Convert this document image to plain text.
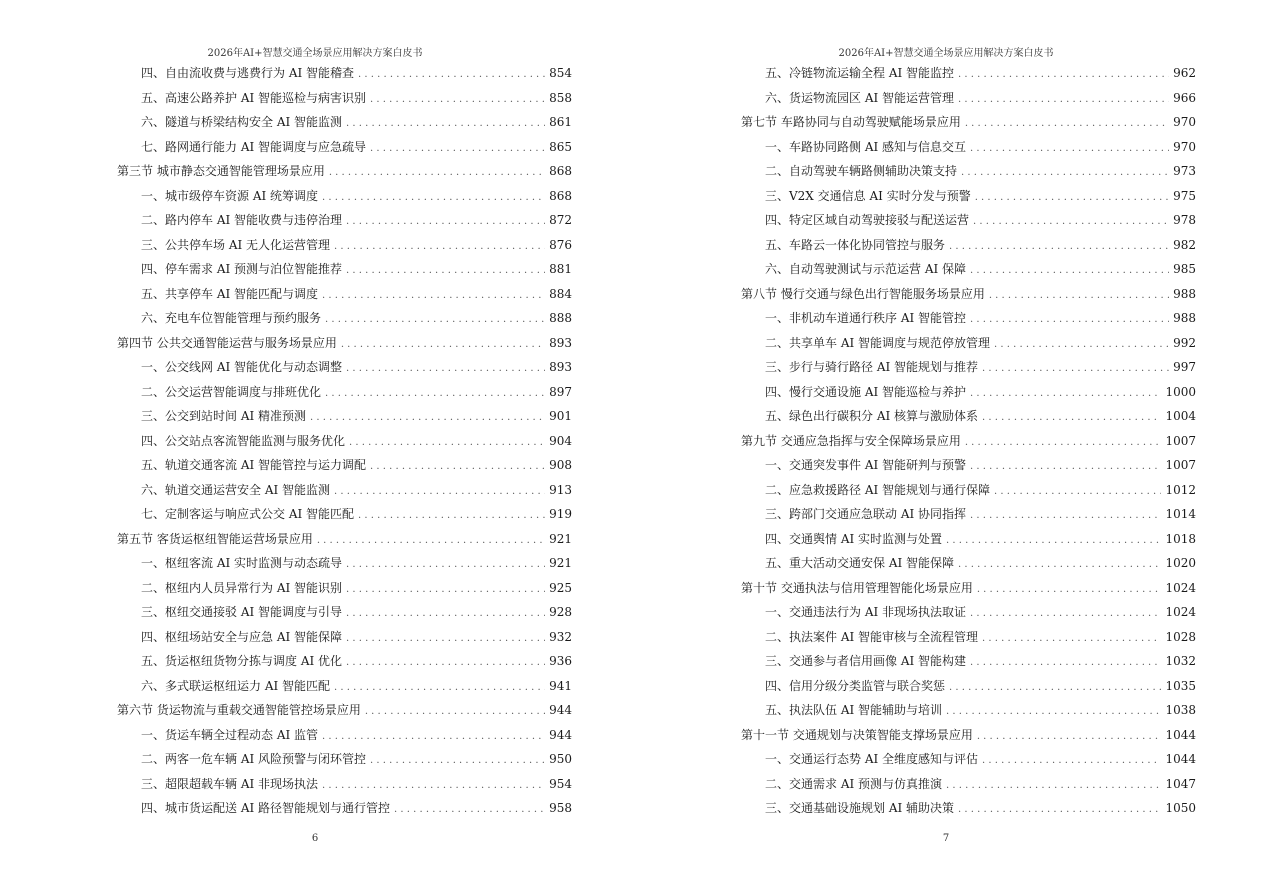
2026年AI+智慧交通全场景应用解决方案白皮书
四、自由流收费与逃费行为 AI 智能稽查 . . .	854
五、高速公路养护 AI 智能巡检与病害识别 . . .	858
六、隧道与桥梁结构安全 AI 智能监测 . . .	861
七、路网通行能力 AI 智能调度与应急疏导 . . .	865
第三节 城市静态交通智能管理场景应用 . . .	868
一、城市级停车资源 AI 统筹调度 . . .	868
二、路内停车 AI 智能收费与违停治理 . . .	872
三、公共停车场 AI 无人化运营管理 . . .	876
四、停车需求 AI 预测与泊位智能推荐 . . .	881
五、共享停车 AI 智能匹配与调度 . . .	884
六、充电车位智能管理与预约服务 . . .	888
第四节 公共交通智能运营与服务场景应用 . . .	893
一、公交线网 AI 智能优化与动态调整 . . .	893
二、公交运营智能调度与排班优化 . . .	897
三、公交到站时间 AI 精准预测 . . .	901
四、公交站点客流智能监测与服务优化 . . .	904
五、轨道交通客流 AI 智能管控与运力调配 . . .	908
六、轨道交通运营安全 AI 智能监测 . . .	913
七、定制客运与响应式公交 AI 智能匹配 . . .	919
第五节 客货运枢纽智能运营场景应用 . . .	921
一、枢纽客流 AI 实时监测与动态疏导 . . .	921
二、枢纽内人员异常行为 AI 智能识别 . . .	925
三、枢纽交通接驳 AI 智能调度与引导 . . .	928
四、枢纽场站安全与应急 AI 智能保障 . . .	932
五、货运枢纽货物分拣与调度 AI 优化 . . .	936
六、多式联运枢纽运力 AI 智能匹配 . . .	941
第六节 货运物流与重载交通智能管控场景应用 . . .	944
一、货运车辆全过程动态 AI 监管 . . .	944
二、两客一危车辆 AI 风险预警与闭环管控 . . .	950
三、超限超载车辆 AI 非现场执法 . . .	954
四、城市货运配送 AI 路径智能规划与通行管控 . . .	958
6
2026年AI+智慧交通全场景应用解决方案白皮书
五、冷链物流运输全程 AI 智能监控 . . .	962
六、货运物流园区 AI 智能运营管理 . . .	966
第七节 车路协同与自动驾驶赋能场景应用 . . .	970
一、车路协同路侧 AI 感知与信息交互 . . .	970
二、自动驾驶车辆路侧辅助决策支持 . . .	973
三、V2X 交通信息 AI 实时分发与预警 . . .	975
四、特定区域自动驾驶接驳与配送运营 . . .	978
五、车路云一体化协同管控与服务 . . .	982
六、自动驾驶测试与示范运营 AI 保障 . . .	985
第八节 慢行交通与绿色出行智能服务场景应用 . . .	988
一、非机动车道通行秩序 AI 智能管控 . . .	988
二、共享单车 AI 智能调度与规范停放管理 . . .	992
三、步行与骑行路径 AI 智能规划与推荐 . . .	997
四、慢行交通设施 AI 智能巡检与养护 . . .	1000
五、绿色出行碳积分 AI 核算与激励体系 . . .	1004
第九节 交通应急指挥与安全保障场景应用 . . .	1007
一、交通突发事件 AI 智能研判与预警 . . .	1007
二、应急救援路径 AI 智能规划与通行保障 . . .	1012
三、跨部门交通应急联动 AI 协同指挥 . . .	1014
四、交通舆情 AI 实时监测与处置 . . .	1018
五、重大活动交通安保 AI 智能保障 . . .	1020
第十节 交通执法与信用管理智能化场景应用 . . .	1024
一、交通违法行为 AI 非现场执法取证 . . .	1024
二、执法案件 AI 智能审核与全流程管理 . . .	1028
三、交通参与者信用画像 AI 智能构建 . . .	1032
四、信用分级分类监管与联合奖惩 . . .	1035
五、执法队伍 AI 智能辅助与培训 . . .	1038
第十一节 交通规划与决策智能支撑场景应用 . . .	1044
一、交通运行态势 AI 全维度感知与评估 . . .	1044
二、交通需求 AI 预测与仿真推演 . . .	1047
三、交通基础设施规划 AI 辅助决策 . . .	1050
7
